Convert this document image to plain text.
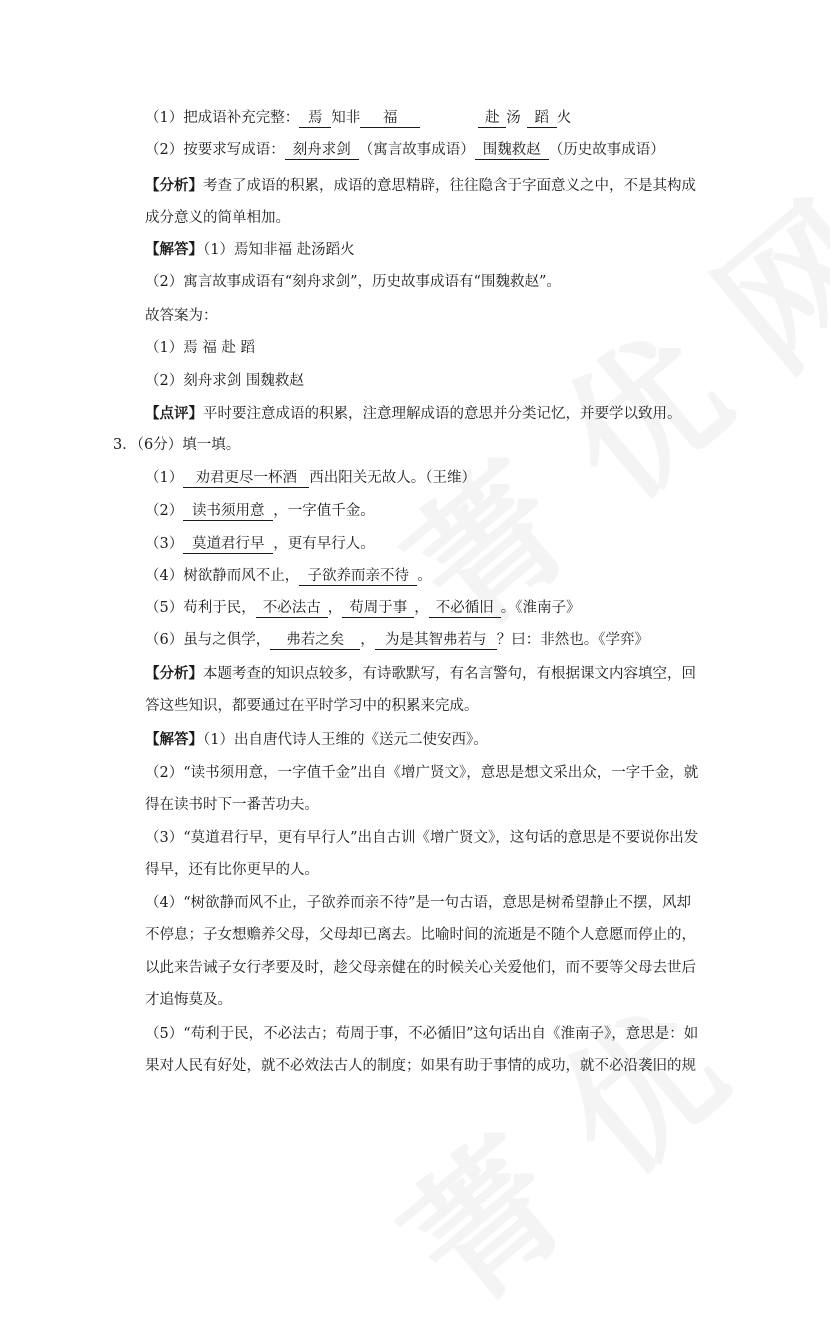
（1）把成语补充完整： 焉 知非 福	赴 汤 蹈 火
（2）按要求写成语： 刻舟求剑 （寓言故事成语） 围魏救赵 （历史故事成语）
【分析】考查了成语的积累，成语的意思精辟，往往隐含于字面意义之中，不是其构成
成分意义的简单相加。
【解答】（1）焉知非福 赴汤蹈火
（2）寓言故事成语有“刻舟求剑”，历史故事成语有“围魏救赵”。
故答案为：
（1）焉 福 赴 蹈
（2）刻舟求剑 围魏救赵
【点评】平时要注意成语的积累，注意理解成语的意思并分类记忆，并要学以致用。
3．（6分）填一填。
（1） 劝君更尽一杯酒 西出阳关无故人。（王维）
（2） 读书须用意 ，一字值千金。
（3） 莫道君行早 ，更有早行人。
（4）树欲静而风不止， 子欲养而亲不待 。
（5）苟利于民， 不必法古 ， 苟周于事 ， 不必循旧 。《淮南子》
（6）虽与之俱学， 弗若之矣 ， 为是其智弗若与 ？曰：非然也。《学弈》
【分析】本题考查的知识点较多，有诗歌默写，有名言警句，有根据课文内容填空，回
答这些知识，都要通过在平时学习中的积累来完成。
【解答】（1）出自唐代诗人王维的《送元二使安西》。
（2）“读书须用意，一字值千金”出自《增广贤文》，意思是想文采出众，一字千金，就
得在读书时下一番苦功夫。
（3）“莫道君行早，更有早行人”出自古训《增广贤文》，这句话的意思是不要说你出发
得早，还有比你更早的人。
（4）“树欲静而风不止，子欲养而亲不待”是一句古语，意思是树希望静止不摆，风却
不停息；子女想赡养父母，父母却已离去。比喻时间的流逝是不随个人意愿而停止的，
以此来告诫子女行孝要及时，趁父母亲健在的时候关心关爱他们，而不要等父母去世后
才追悔莫及。
（5）“苟利于民，不必法古；苟周于事，不必循旧”这句话出自《淮南子》，意思是：如
果对人民有好处，就不必效法古人的制度；如果有助于事情的成功，就不必沿袭旧的规
